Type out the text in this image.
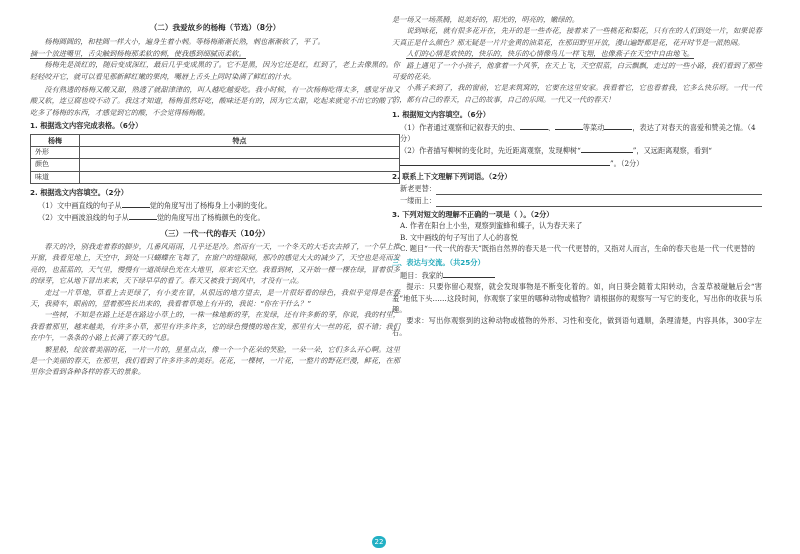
（二）我爱故乡的杨梅（节选）（8分）

杨梅圆圆的，和桂圆一样大小，遍身生着小刺。等杨梅渐渐长熟，刺也渐渐软了，平了。

摘一个放进嘴里，舌尖触到杨梅那柔软的刺，使我感到细腻而柔软。

杨梅先是淡红的，随后变成深红，最后几乎变成黑的了。它不是黑，因为它还是红，红到了，老上去像黑的。你轻轻咬开它，就可以看见那新鲜红嫩的果肉，嘴唇上舌头上同时染满了鲜红的汁水。

没有熟透的杨梅又酸又甜，熟透了就甜津津的，叫人越吃越爱吃。我小时候，有一次杨梅吃得太多，感觉牙齿又酸又软，连豆腐也咬不动了。我这才知道，杨梅虽然好吃，酸味还是有的，因为它太甜，吃起来就觉不出它的酸了。吃多了杨梅的东西，才感觉到它的酸，不会觉得杨梅酸。

1. 根据选文内容完成表格。（6分）
杨梅	特点
外形	
颜色	
味道	
2. 根据选文内容填空。（2分）
（1）文中画直线的句子从	觉的角度写出了杨梅身上小刺的变化。
（2）文中画波浪线的句子从	觉的角度写出了杨梅颜色的变化。
（三）一代一代的春天（10分）

春天的冷，别我走着春的脚步，几番风雨雨，几乎还是冷。然而有一天，一个冬天的大毛衣去掉了，一个早上推开窗，我看见地上，天空中，到处一只蝴蝶在飞舞了，在窗户的缝隙间，那冷的感觉大大的减少了，天空也是亮而发亮的，也蓝蓝的，天气里，慢慢有一道淡绿色光在大地里，原来它天空。我看到树，又开始一棵一棵在绿，冒着很多的绿芽，它从地下冒出来来，天下绿早早的看了。春天又被我于到风中，才没有一点。

走过一片草地，草看上去更绿了，有小麦在冒，从很远的地方望去，是一片很好看的绿色，我似乎觉得是在春天，我骑车，眼前的，望着那些长出来的，我看着草地上有开的，我说：“你在干什么？”

一些树，不知是在路上还是在路边小草上的，一株一株地新的芽，在发绿，还有许多新的芽，你说，我的村里，我看着那里，越来越美，有许多小草，那里有许多许多，它的绿色慢慢的地在发，那里有大一丝的花，很不错；我们在中午，一条条的小路上长满了春天的气息。

繁星般，绽放着美丽的花，一片一片的，星星点点，像一个一个花朵的笑脸，一朵一朵，它们多么开心啊。这里是一个美丽的春天，在那里，我们看到了许多许多的美好。花花，一棵树，一片花，一整片的野花烂漫，鲜花，在那里你会看到各种各样的春天的景象。

是一场又一场蒸腾，说美好的，阳光的，明亮的，嫩绿的。

说到咏花，就有很多花开在，先开的是一些杏花，接着来了一些桃花和梨花，只有在的人们到处一片，如果说春天真正是什么颜色？那无疑是一片片金黄的油菜花，在那田野里开放，漫山遍野都是花，花开时节是一派热闹。

人们的心情是欢快的，快乐的，快乐的心情像鸟儿一样飞翔，也像燕子在天空中自由地飞。

路上遇见了一个小孩子，他拿着一个风筝，在天上飞，天空很蓝，白云飘飘，走过的一些小路，我们看到了那些可爱的花朵。

小燕子来到了，我的窗前，它是来筑窝的，它要在这里安家。我看着它，它也看着我，它多么快乐呀。一代一代的，都有自己的春天，自己的故事，自己的乐园。一代又一代的春天！

1. 根据短文内容填空。（6分）
（1）作者通过观察和记叙春天的虫、	、	等菜动	，表达了对春天的喜爱和赞美之情。（4分）
（2）作者描写柳树的变化时，先近距离观察，发现柳树“	”，又远距离观察，看到“
”。（2分）
2. 联系上下文理解下列词语。（2分）
新老更替：
一缕而上：
3. 下列对短文的理解不正确的一项是（ ）。（2分）
A. 作者在阳台上小坐，观察到蜜蜂和蝶子，认为春天来了
B. 文中画线的句子写出了人心的喜悦
C. 题目“一代一代的春天”既指自然界的春天是一代一代更替的，又指对人而言，生命的春天也是一代一代更替的
三、表达与交流。（共25分）
题目：我家的

提示：只要你留心观察，就会发现事物是不断变化着的。如，向日葵会随着太阳转动，含羞草被碰触后会“害羞”地低下头……这段时间，你观察了家里的哪种动物或植物？请根据你的观察写一写它的变化，写出你的收获与乐趣。

要求：写出你观察到的这种动物或植物的外形、习性和变化，做到语句通顺，条理清楚，内容具体，300字左右。

22
